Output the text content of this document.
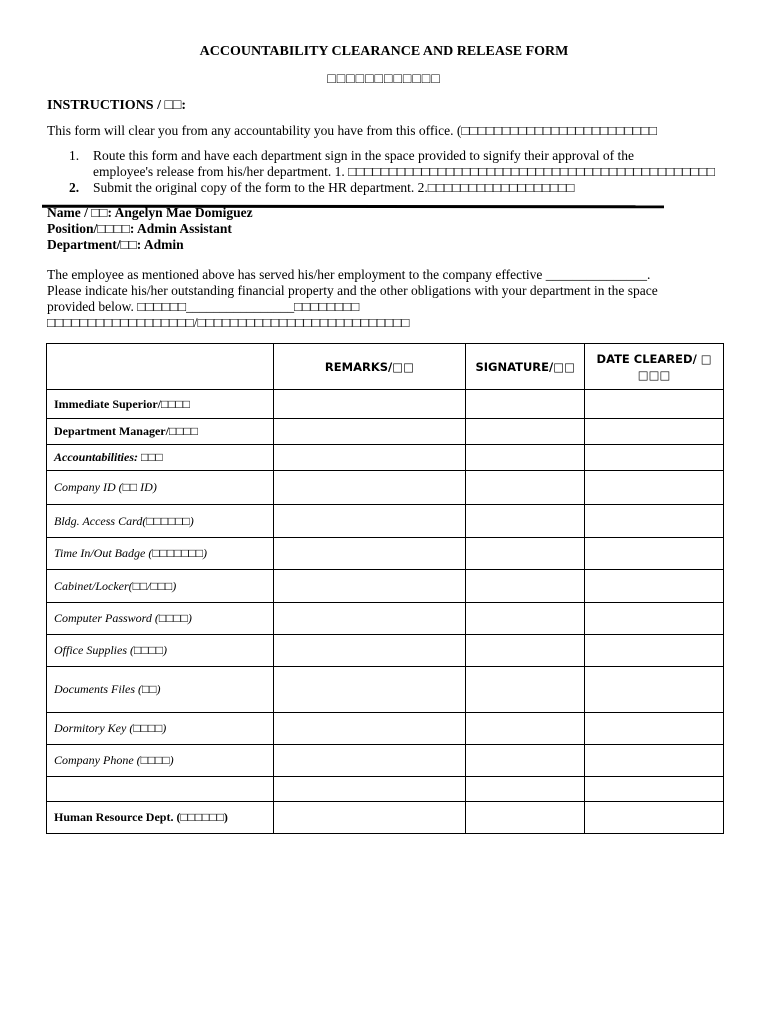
ACCOUNTABILITY CLEARANCE AND RELEASE FORM
□□□□□□□□□□□□
INSTRUCTIONS / □□:
This form will clear you from any accountability you have from this office. (□□□□□□□□□□□□□□□□□□□□□□□□
1. Route this form and have each department sign in the space provided to signify their approval of the
employee's release from his/her department. 1. □□□□□□□□□□□□□□□□□□□□□□□□□□□□□□□□□□□□□□□□□□□□□
2. Submit the original copy of the form to the HR department. 2.□□□□□□□□□□□□□□□□□□
Name / □□: Angelyn Mae Domiguez
Position/□□□□: Admin Assistant
Department/□□: Admin
The employee as mentioned above has served his/her employment to the company effective _______________.
Please indicate his/her outstanding financial property and the other obligations with your department in the space
provided below. □□□□□□________________□□□□□□□□
□□□□□□□□□□□□□□□□□□/□□□□□□□□□□□□□□□□□□□□□□□□□□
	REMARKS/□□	SIGNATURE/□□	DATE CLEARED/ □
□□□

Immediate Superior/□□□□			
Department Manager/□□□□			
Accountabilities: □□□			
Company ID (□□ ID)			
Bldg. Access Card(□□□□□□)			
Time In/Out Badge (□□□□□□□)			
Cabinet/Locker(□□/□□□)			
Computer Password (□□□□)			
Office Supplies (□□□□)			
Documents Files (□□)			
Dormitory Key (□□□□)			
Company Phone (□□□□)			

Human Resource Dept. (□□□□□□)			
